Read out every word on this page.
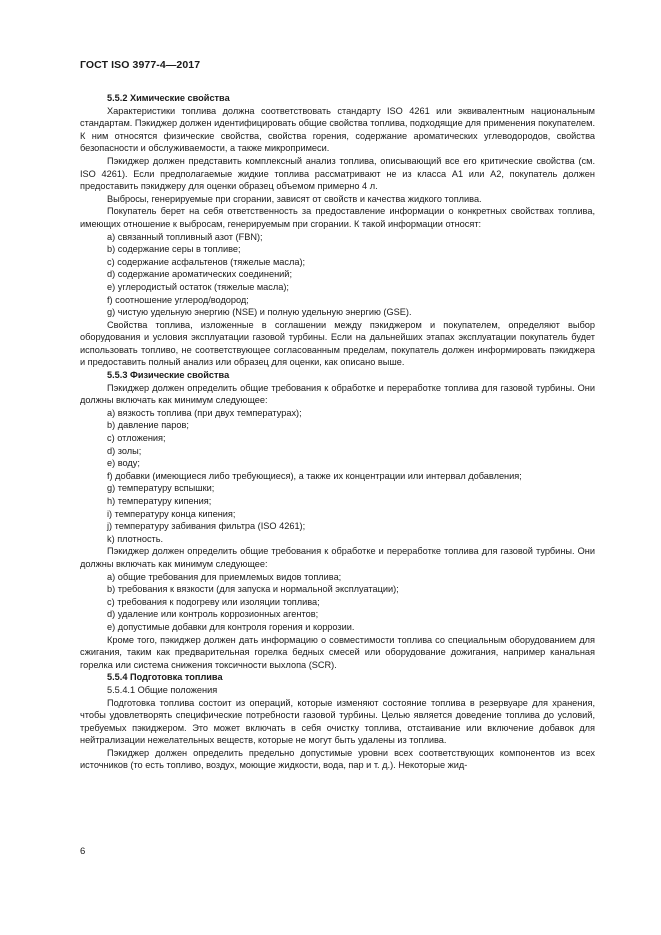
ГОСТ ISO 3977-4—2017

5.5.2 Химические свойства

Характеристики топлива должна соответствовать стандарту ISO 4261 или эквивалентным национальным стандартам. Пэкиджер должен идентифицировать общие свойства топлива, подходящие для применения покупателем. К ним относятся физические свойства, свойства горения, содержание ароматических углеводородов, свойства безопасности и обслуживаемости, а также микропримеси.

Пэкиджер должен представить комплексный анализ топлива, описывающий все его критические свойства (см. ISO 4261). Если предполагаемые жидкие топлива рассматривают не из класса А1 или А2, покупатель должен предоставить пэкиджеру для оценки образец объемом примерно 4 л.

Выбросы, генерируемые при сгорании, зависят от свойств и качества жидкого топлива.

Покупатель берет на себя ответственность за предоставление информации о конкретных свойствах топлива, имеющих отношение к выбросам, генерируемым при сгорании. К такой информации относят:

а) связанный топливный азот (FBN);

b) содержание серы в топливе;

с) содержание асфальтенов (тяжелые масла);

d) содержание ароматических соединений;

е) углеродистый остаток (тяжелые масла);

f) соотношение углерод/водород;

g) чистую удельную энергию (NSE) и полную удельную энергию (GSE).

Свойства топлива, изложенные в соглашении между пэкиджером и покупателем, определяют выбор оборудования и условия эксплуатации газовой турбины. Если на дальнейших этапах эксплуатации покупатель будет использовать топливо, не соответствующее согласованным пределам, покупатель должен информировать пэкиджера и предоставить полный анализ или образец для оценки, как описано выше.

5.5.3 Физические свойства

Пэкиджер должен определить общие требования к обработке и переработке топлива для газовой турбины. Они должны включать как минимум следующее:

а) вязкость топлива (при двух температурах);

b) давление паров;

с) отложения;

d) золы;

е) воду;

f) добавки (имеющиеся либо требующиеся), а также их концентрации или интервал добавления;

g) температуру вспышки;

h) температуру кипения;

i) температуру конца кипения;

j) температуру забивания фильтра (ISO 4261);

k) плотность.

Пэкиджер должен определить общие требования к обработке и переработке топлива для газовой турбины. Они должны включать как минимум следующее:

а) общие требования для приемлемых видов топлива;

b) требования к вязкости (для запуска и нормальной эксплуатации);

с) требования к подогреву или изоляции топлива;

d) удаление или контроль коррозионных агентов;

е) допустимые добавки для контроля горения и коррозии.

Кроме того, пэкиджер должен дать информацию о совместимости топлива со специальным оборудованием для сжигания, таким как предварительная горелка бедных смесей или оборудование дожигания, например канальная горелка или система снижения токсичности выхлопа (SCR).

5.5.4 Подготовка топлива

5.5.4.1 Общие положения

Подготовка топлива состоит из операций, которые изменяют состояние топлива в резервуаре для хранения, чтобы удовлетворять специфические потребности газовой турбины. Целью является доведение топлива до условий, требуемых пэкиджером. Это может включать в себя очистку топлива, отстаивание или включение добавок для нейтрализации нежелательных веществ, которые не могут быть удалены из топлива.

Пэкиджер должен определить предельно допустимые уровни всех соответствующих компонентов из всех источников (то есть топливо, воздух, моющие жидкости, вода, пар и т. д.). Некоторые жид-

6
